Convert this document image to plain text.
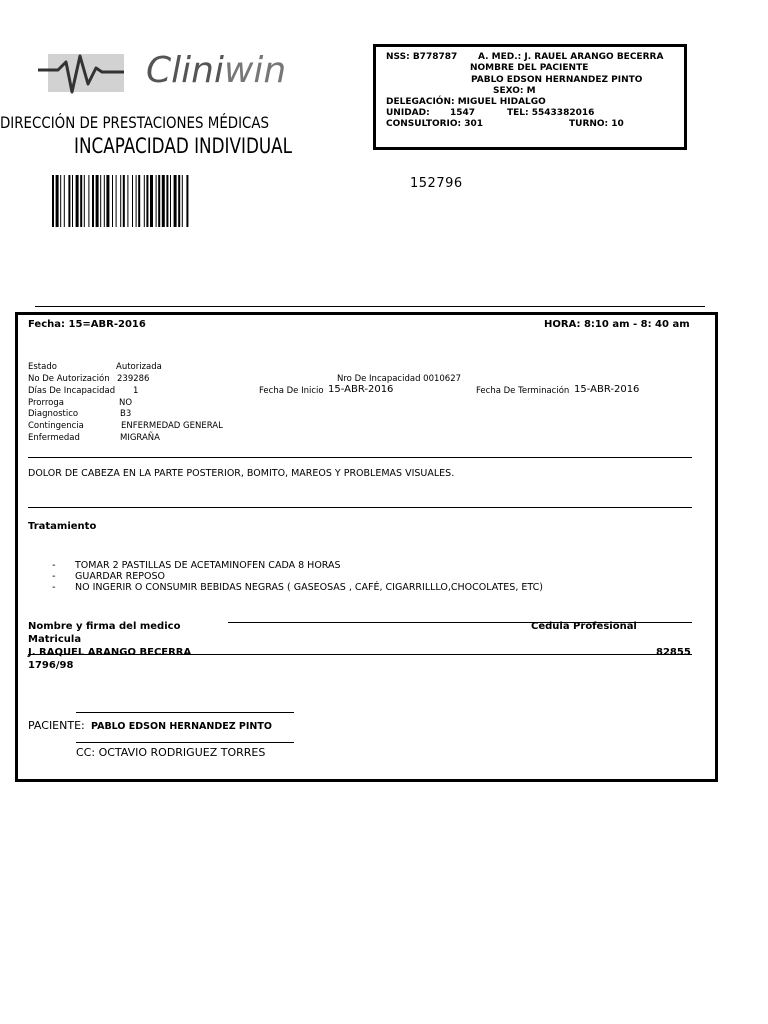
Cliniwin
DIRECCIÓN DE PRESTACIONES MÉDICAS
INCAPACIDAD INDIVIDUAL
152796
NSS: B778787 A. MED.: J. RAUEL ARANGO BECERRA
NOMBRE DEL PACIENTE
PABLO EDSON HERNANDEZ PINTO
SEXO: M
DELEGACIÓN: MIGUEL HIDALGO
UNIDAD: 1547	TEL: 5543382016
CONSULTORIO: 301	TURNO: 10
Fecha: 15=ABR-2016	HORA: 8:10 am - 8: 40 am
Estado	Autorizada
No De Autorización 239286	Nro De Incapacidad 0010627
Días De Incapacidad 1	Fecha De Inicio 15-ABR-2016	Fecha De Terminación 15-ABR-2016
Prorroga	NO
Diagnostico	B3
Contingencia	ENFERMEDAD GENERAL
Enfermedad	MIGRAÑA
DOLOR DE CABEZA EN LA PARTE POSTERIOR, BOMITO, MAREOS Y PROBLEMAS VISUALES.
Tratamiento
- TOMAR 2 PASTILLAS DE ACETAMINOFEN CADA 8 HORAS
- GUARDAR REPOSO
- NO INGERIR O CONSUMIR BEBIDAS NEGRAS ( GASEOSAS , CAFÉ, CIGARRILLLO,CHOCOLATES, ETC)
Nombre y firma del medico	Cedula Profesional
Matricula
J. RAQUEL ARANGO BECERRA	82855
1796/98
PACIENTE: PABLO EDSON HERNANDEZ PINTO
CC: OCTAVIO RODRIGUEZ TORRES
